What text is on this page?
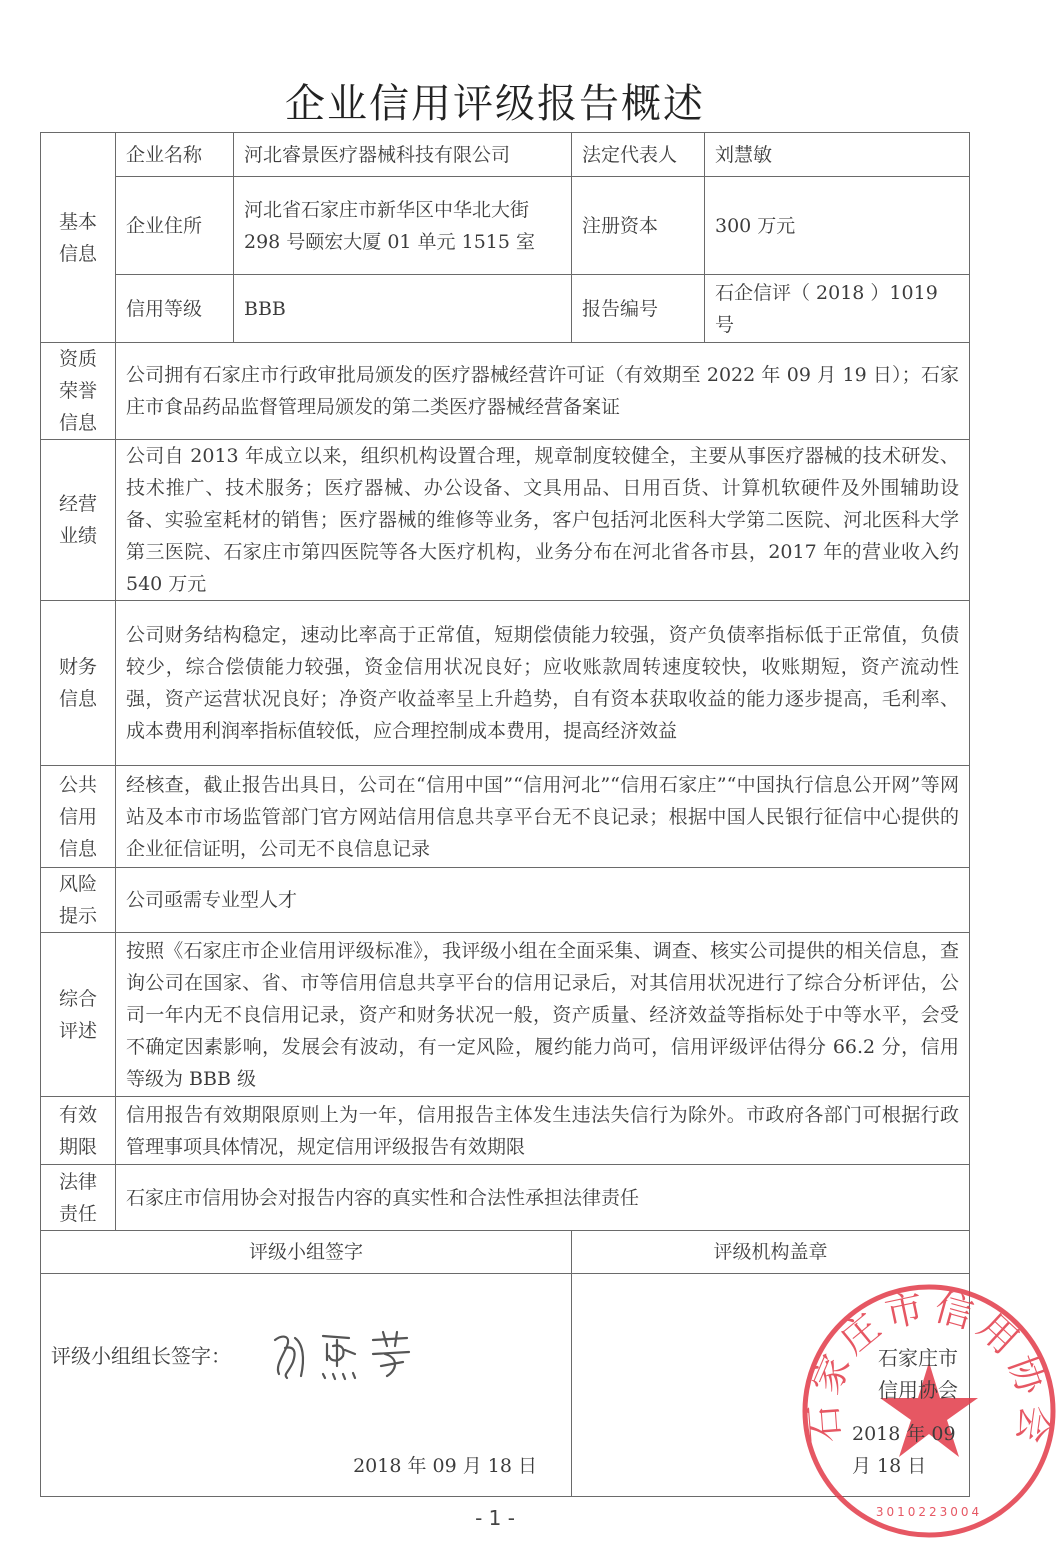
企业信用评级报告概述
基本信息	企业名称	河北睿景医疗器械科技有限公司	法定代表人	刘慧敏
	企业住所	河北省石家庄市新华区中华北大街 298 号颐宏大厦 01 单元 1515 室	注册资本	300 万元
	信用等级	BBB	报告编号	石企信评（ 2018 ）1019 号
资质荣誉信息	公司拥有石家庄市行政审批局颁发的医疗器械经营许可证（有效期至 2022 年 09 月 19 日）；石家庄市食品药品监督管理局颁发的第二类医疗器械经营备案证			
经营业绩	公司自 2013 年成立以来，组织机构设置合理，规章制度较健全，主要从事医疗器械的技术研发、技术推广、技术服务；医疗器械、办公设备、文具用品、日用百货、计算机软硬件及外围辅助设备、实验室耗材的销售；医疗器械的维修等业务，客户包括河北医科大学第二医院、河北医科大学第三医院、石家庄市第四医院等各大医疗机构，业务分布在河北省各市县，2017 年的营业收入约 540 万元			
财务信息	公司财务结构稳定，速动比率高于正常值，短期偿债能力较强，资产负债率指标低于正常值，负债较少，综合偿债能力较强，资金信用状况良好；应收账款周转速度较快，收账期短，资产流动性强，资产运营状况良好；净资产收益率呈上升趋势，自有资本获取收益的能力逐步提高，毛利率、成本费用利润率指标值较低，应合理控制成本费用，提高经济效益			
公共信用信息	经核查，截止报告出具日，公司在“信用中国”“信用河北”“信用石家庄”“中国执行信息公开网”等网站及本市市场监管部门官方网站信用信息共享平台无不良记录；根据中国人民银行征信中心提供的企业征信证明，公司无不良信息记录			
风险提示	公司亟需专业型人才			
综合评述	按照《石家庄市企业信用评级标准》，我评级小组在全面采集、调查、核实公司提供的相关信息，查询公司在国家、省、市等信用信息共享平台的信用记录后，对其信用状况进行了综合分析评估，公司一年内无不良信用记录，资产和财务状况一般，资产质量、经济效益等指标处于中等水平，会受不确定因素影响，发展会有波动，有一定风险，履约能力尚可，信用评级评估得分 66.2 分，信用等级为 BBB 级			
有效期限	信用报告有效期限原则上为一年，信用报告主体发生违法失信行为除外。市政府各部门可根据行政管理事项具体情况，规定信用评级报告有效期限			
法律责任	石家庄市信用协会对报告内容的真实性和合法性承担法律责任			
评级小组签字			评级机构盖章	

评级小组组长签字：
2018 年 09 月 18 日			石家庄市信用协会
3010223004
石家庄市信用协会
2018 年 09 月 18 日	
- 1 -
